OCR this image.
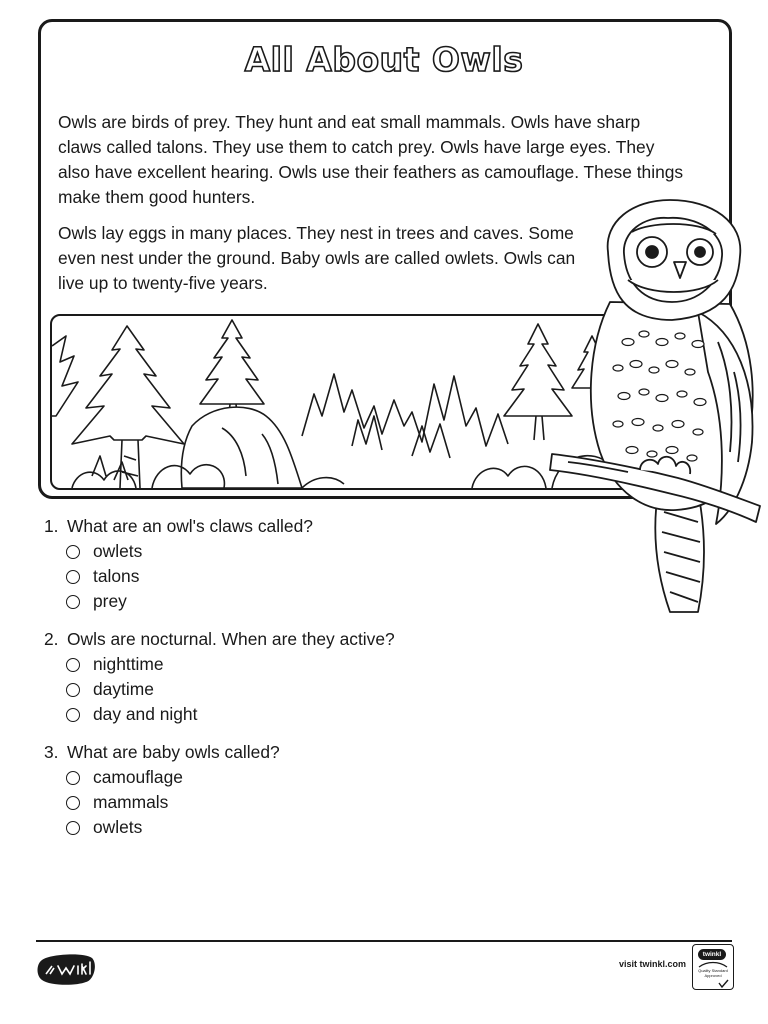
All About Owls

Owls are birds of prey. They hunt and eat small mammals. Owls have sharp claws called talons. They use them to catch prey. Owls have large eyes. They also have excellent hearing. Owls use their feathers as camouflage. These things make them good hunters.

Owls lay eggs in many places. They nest in trees and caves. Some even nest under the ground. Baby owls are called owlets. Owls can live up to twenty-five years.

1. What are an owl's claws called?
owlets
talons
prey
2. Owls are nocturnal. When are they active?
nighttime
daytime
day and night
3. What are baby owls called?
camouflage
mammals
owlets
visit twinkl.com
twinkl
Quality Standard Approved
